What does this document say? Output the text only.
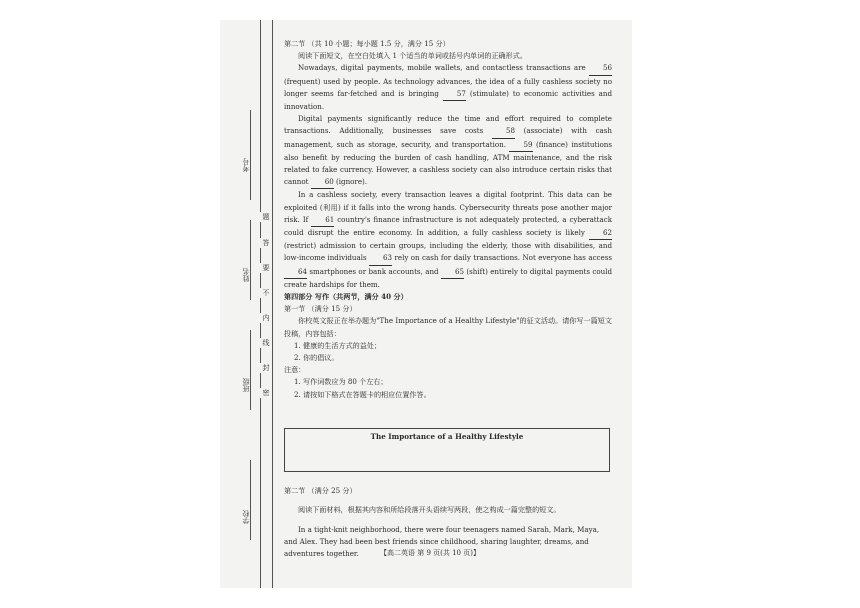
题
答
要
不
内
线
封
密
考号
姓名
班级
学校

第二节 （共 10 小题；每小题 1.5 分，满分 15 分）

阅读下面短文，在空白处填入 1 个适当的单词或括号内单词的正确形式。

Nowadays, digital payments, mobile wallets, and contactless transactions are 56 (frequent) used by people. As technology advances, the idea of a fully cashless society no longer seems far-fetched and is bringing 57 (stimulate) to economic activities and innovation.

Digital payments significantly reduce the time and effort required to complete transactions. Additionally, businesses save costs 58 (associate) with cash management, such as storage, security, and transportation. 59 (finance) institutions also benefit by reducing the burden of cash handling, ATM maintenance, and the risk related to fake currency. However, a cashless society can also introduce certain risks that cannot 60 (ignore).

In a cashless society, every transaction leaves a digital footprint. This data can be exploited (利用) if it falls into the wrong hands. Cybersecurity threats pose another major risk. If 61 country's finance infrastructure is not adequately protected, a cyberattack could disrupt the entire economy. In addition, a fully cashless society is likely 62 (restrict) admission to certain groups, including the elderly, those with disabilities, and low-income individuals 63 rely on cash for daily transactions. Not everyone has access 64 smartphones or bank accounts, and 65 (shift) entirely to digital payments could create hardships for them.

第四部分 写作（共两节，满分 40 分）

第一节 （满分 15 分）

你校英文报正在举办题为"The Importance of a Healthy Lifestyle"的征文活动。请你写一篇短文投稿，内容包括：

1. 健康的生活方式的益处；

2. 你的倡议。

注意：

1. 写作词数应为 80 个左右；

2. 请按如下格式在答题卡的相应位置作答。

The Importance of a Healthy Lifestyle

第二节 （满分 25 分）

阅读下面材料，根据其内容和所给段落开头语续写两段，使之构成一篇完整的短文。

In a tight-knit neighborhood, there were four teenagers named Sarah, Mark, Maya, and Alex. They had been best friends since childhood, sharing laughter, dreams, and adventures together.	【高二英语 第 9 页(共 10 页)】
